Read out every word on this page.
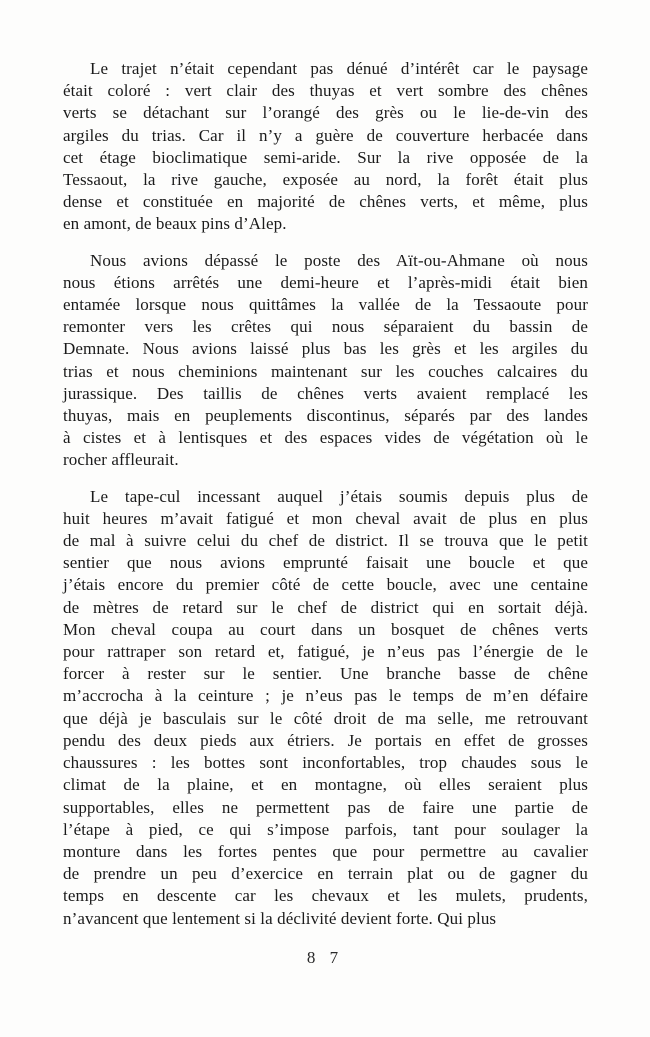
Le trajet n’était cependant pas dénué d’intérêt car le paysage
était coloré : vert clair des thuyas et vert sombre des chênes
verts se détachant sur l’orangé des grès ou le lie-de-vin des
argiles du trias. Car il n’y a guère de couverture herbacée dans
cet étage bioclimatique semi-aride. Sur la rive opposée de la
Tessaout, la rive gauche, exposée au nord, la forêt était plus
dense et constituée en majorité de chênes verts, et même, plus
en amont, de beaux pins d’Alep.
Nous avions dépassé le poste des Aït-ou-Ahmane où nous
nous étions arrêtés une demi-heure et l’après-midi était bien
entamée lorsque nous quittâmes la vallée de la Tessaoute pour
remonter vers les crêtes qui nous séparaient du bassin de
Demnate. Nous avions laissé plus bas les grès et les argiles du
trias et nous cheminions maintenant sur les couches calcaires du
jurassique. Des taillis de chênes verts avaient remplacé les
thuyas, mais en peuplements discontinus, séparés par des landes
à cistes et à lentisques et des espaces vides de végétation où le
rocher affleurait.
Le tape-cul incessant auquel j’étais soumis depuis plus de
huit heures m’avait fatigué et mon cheval avait de plus en plus
de mal à suivre celui du chef de district. Il se trouva que le petit
sentier que nous avions emprunté faisait une boucle et que
j’étais encore du premier côté de cette boucle, avec une centaine
de mètres de retard sur le chef de district qui en sortait déjà.
Mon cheval coupa au court dans un bosquet de chênes verts
pour rattraper son retard et, fatigué, je n’eus pas l’énergie de le
forcer à rester sur le sentier. Une branche basse de chêne
m’accrocha à la ceinture ; je n’eus pas le temps de m’en défaire
que déjà je basculais sur le côté droit de ma selle, me retrouvant
pendu des deux pieds aux étriers. Je portais en effet de grosses
chaussures : les bottes sont inconfortables, trop chaudes sous le
climat de la plaine, et en montagne, où elles seraient plus
supportables, elles ne permettent pas de faire une partie de
l’étape à pied, ce qui s’impose parfois, tant pour soulager la
monture dans les fortes pentes que pour permettre au cavalier
de prendre un peu d’exercice en terrain plat ou de gagner du
temps en descente car les chevaux et les mulets, prudents,
n’avancent que lentement si la déclivité devient forte. Qui plus
8 7
